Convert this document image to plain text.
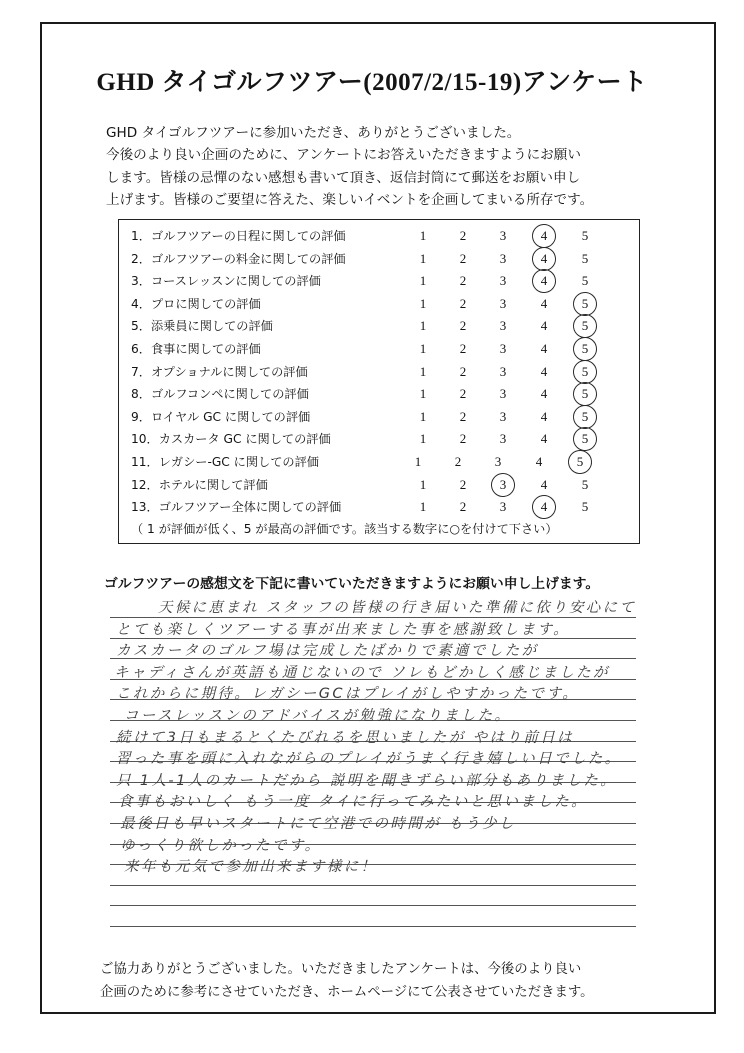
GHD タイゴルフツアー(2007/2/15-19)アンケート
GHD タイゴルフツアーに参加いただき、ありがとうございました。
今後のより良い企画のために、アンケートにお答えいただきますようにお願い
します。皆様の忌憚のない感想も書いて頂き、返信封筒にて郵送をお願い申し
上げます。皆様のご要望に答えた、楽しいイベントを企画してまいる所存です。
1．ゴルフツアーの日程に関しての評価	1	2	3	4	5
2．ゴルフツアーの料金に関しての評価	1	2	3	4	5
3．コースレッスンに関しての評価	1	2	3	4	5
4．プロに関しての評価	1	2	3	4	5
5．添乗員に関しての評価	1	2	3	4	5
6．食事に関しての評価	1	2	3	4	5
7．オプショナルに関しての評価	1	2	3	4	5
8．ゴルフコンペに関しての評価	1	2	3	4	5
9．ロイヤル GC に関しての評価	1	2	3	4	5
10．カスカータ GC に関しての評価	1	2	3	4	5
11．レガシー-GC に関しての評価	1	2	3	4	5
12．ホテルに関して評価	1	2	3	4	5
13．ゴルフツアー全体に関しての評価	1	2	3	4	5
（ 1 が評価が低く、5 が最高の評価です。該当する数字に○を付けて下さい）
ゴルフツアーの感想文を下記に書いていただきますようにお願い申し上げます。
天候に恵まれ スタッフの皆様の行き届いた準備に依り安心にて
とても楽しくツアーする事が出来ました事を感謝致します。
カスカータのゴルフ場は完成したばかりで素適でしたが
キャディさんが英語も通じないので ソレもどかしく感じましたが
これからに期待。レガシーGCはプレイがしやすかったです。
コースレッスンのアドバイスが勉強になりました。
続けて3日もまるとくたびれるを思いましたが やはり前日は
習った事を頭に入れながらのプレイがうまく行き嬉しい日でした。
只 1人-1人のカートだから 説明を聞きずらい部分もありました。
食事もおいしく もう一度 タイに行ってみたいと思いました。
最後日も早いスタートにて空港での時間が もう少し
ゆっくり欲しかったです。
来年も元気で参加出来ます様に！
ご協力ありがとうございました。いただきましたアンケートは、今後のより良い
企画のために参考にさせていただき、ホームページにて公表させていただきます。
